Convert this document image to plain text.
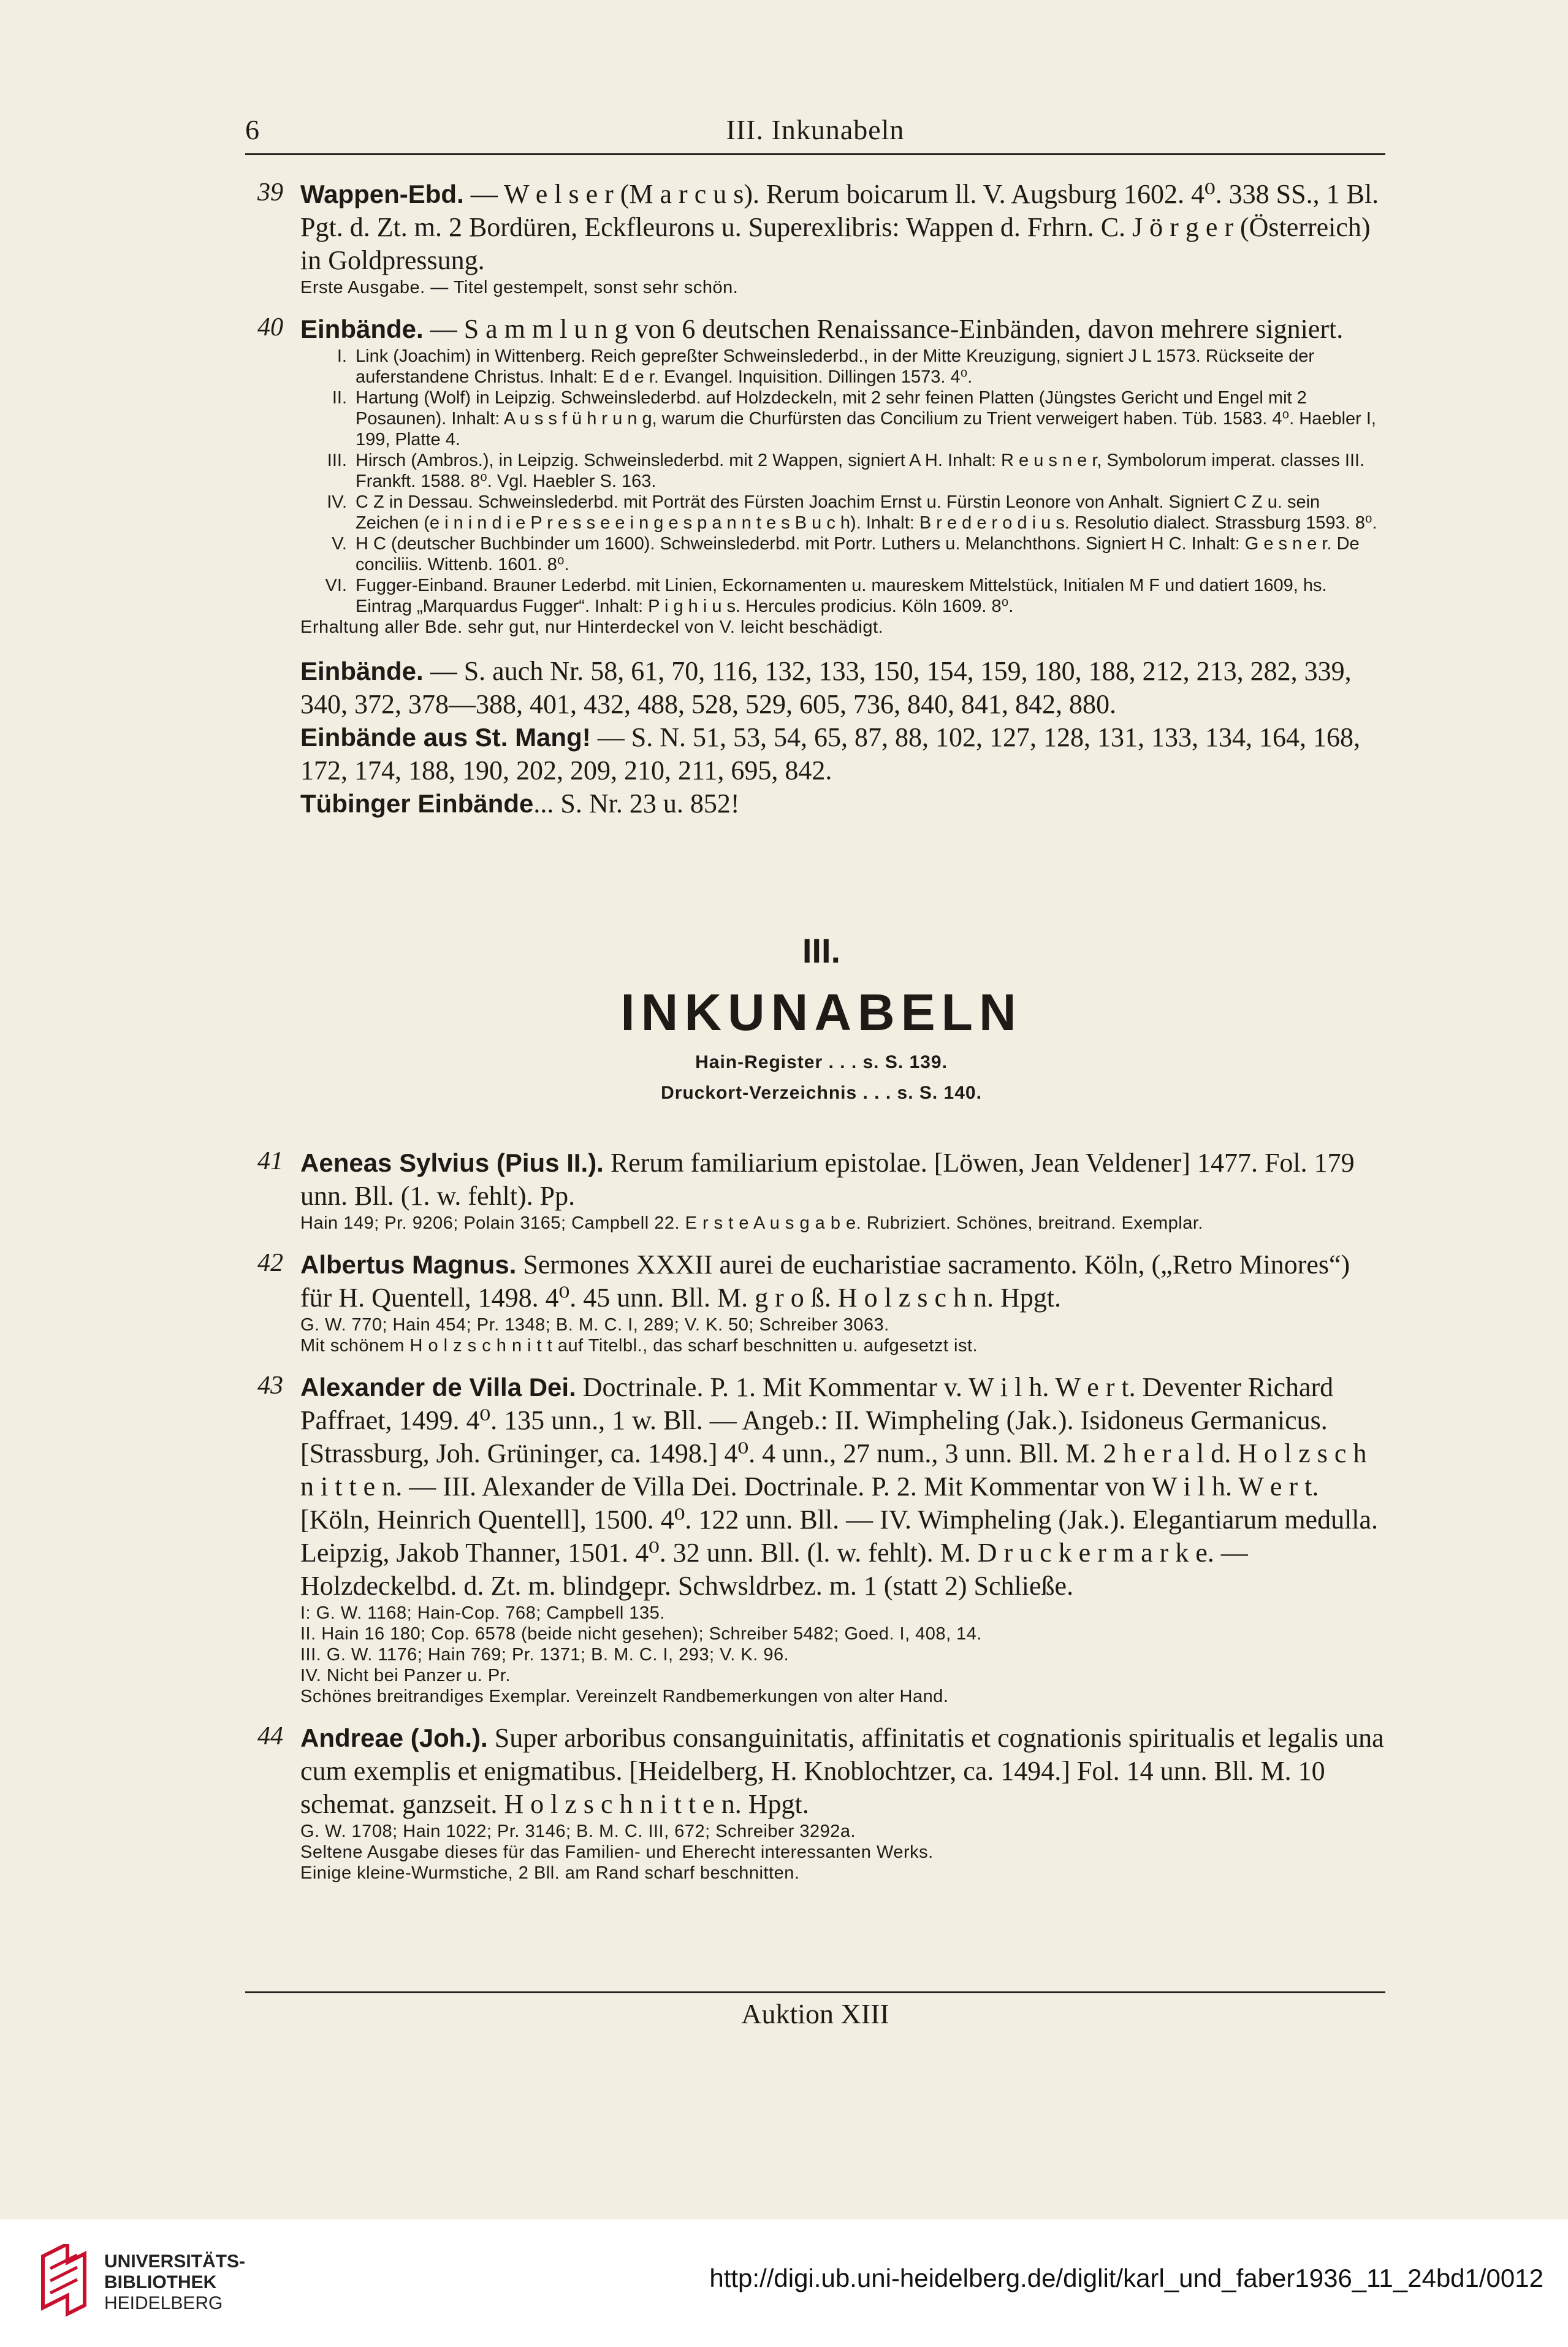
6	III. Inkunabeln
39 Wappen-Ebd. — W e l s e r (M a r c u s). Rerum boicarum ll. V. Augsburg 1602. 4⁰. 338 SS., 1 Bl. Pgt. d. Zt. m. 2 Bordüren, Eckfleurons u. Superexlibris: Wappen d. Frhrn. C. J ö r g e r (Österreich) in Goldpressung.
Erste Ausgabe. — Titel gestempelt, sonst sehr schön.
40 Einbände. — S a m m l u n g von 6 deutschen Renaissance-Einbänden, davon mehrere signiert.
I. Link (Joachim) in Wittenberg. Reich gepreßter Schweinslederbd., in der Mitte Kreuzigung, signiert J L 1573. Rückseite der auferstandene Christus. Inhalt: E d e r. Evangel. Inquisition. Dillingen 1573. 4⁰.
II. Hartung (Wolf) in Leipzig. Schweinslederbd. auf Holzdeckeln, mit 2 sehr feinen Platten (Jüngstes Gericht und Engel mit 2 Posaunen). Inhalt: A u s s f ü h r u n g, warum die Churfürsten das Concilium zu Trient verweigert haben. Tüb. 1583. 4⁰. Haebler I, 199, Platte 4.
III. Hirsch (Ambros.), in Leipzig. Schweinslederbd. mit 2 Wappen, signiert A H. Inhalt: R e u s n e r, Symbolorum imperat. classes III. Frankft. 1588. 8⁰. Vgl. Haebler S. 163.
IV. C Z in Dessau. Schweinslederbd. mit Porträt des Fürsten Joachim Ernst u. Fürstin Leonore von Anhalt. Signiert C Z u. sein Zeichen (e i n i n d i e P r e s s e e i n g e s p a n n t e s B u c h). Inhalt: B r e d e r o d i u s. Resolutio dialect. Strassburg 1593. 8⁰.
V. H C (deutscher Buchbinder um 1600). Schweinslederbd. mit Portr. Luthers u. Melanchthons. Signiert H C. Inhalt: G e s n e r. De conciliis. Wittenb. 1601. 8⁰.
VI. Fugger-Einband. Brauner Lederbd. mit Linien, Eckornamenten u. maureskem Mittelstück, Initialen M F und datiert 1609, hs. Eintrag „Marquardus Fugger“. Inhalt: P i g h i u s. Hercules prodicius. Köln 1609. 8⁰.
Erhaltung aller Bde. sehr gut, nur Hinterdeckel von V. leicht beschädigt.
Einbände. — S. auch Nr. 58, 61, 70, 116, 132, 133, 150, 154, 159, 180, 188, 212, 213, 282, 339, 340, 372, 378—388, 401, 432, 488, 528, 529, 605, 736, 840, 841, 842, 880.
Einbände aus St. Mang! — S. N. 51, 53, 54, 65, 87, 88, 102, 127, 128, 131, 133, 134, 164, 168, 172, 174, 188, 190, 202, 209, 210, 211, 695, 842.
Tübinger Einbände... S. Nr. 23 u. 852!
III.
INKUNABELN
Hain-Register . . . s. S. 139.
Druckort-Verzeichnis . . . s. S. 140.
41 Aeneas Sylvius (Pius II.). Rerum familiarium epistolae. [Löwen, Jean Veldener] 1477. Fol. 179 unn. Bll. (1. w. fehlt). Pp.
Hain 149; Pr. 9206; Polain 3165; Campbell 22. E r s t e A u s g a b e. Rubriziert. Schönes, breitrand. Exemplar.
42 Albertus Magnus. Sermones XXXII aurei de eucharistiae sacramento. Köln, („Retro Minores“) für H. Quentell, 1498. 4⁰. 45 unn. Bll. M. g r o ß. H o l z s c h n. Hpgt.
G. W. 770; Hain 454; Pr. 1348; B. M. C. I, 289; V. K. 50; Schreiber 3063.
Mit schönem H o l z s c h n i t t auf Titelbl., das scharf beschnitten u. aufgesetzt ist.
43 Alexander de Villa Dei. Doctrinale. P. 1. Mit Kommentar v. W i l h. W e r t. Deventer Richard Paffraet, 1499. 4⁰. 135 unn., 1 w. Bll. — Angeb.: II. Wimpheling (Jak.). Isidoneus Germanicus. [Strassburg, Joh. Grüninger, ca. 1498.] 4⁰. 4 unn., 27 num., 3 unn. Bll. M. 2 h e r a l d. H o l z s c h n i t t e n. — III. Alexander de Villa Dei. Doctrinale. P. 2. Mit Kommentar von W i l h. W e r t. [Köln, Heinrich Quentell], 1500. 4⁰. 122 unn. Bll. — IV. Wimpheling (Jak.). Elegantiarum medulla. Leipzig, Jakob Thanner, 1501. 4⁰. 32 unn. Bll. (l. w. fehlt). M. D r u c k e r m a r k e. — Holzdeckelbd. d. Zt. m. blindgepr. Schwsldrbez. m. 1 (statt 2) Schließe.
I: G. W. 1168; Hain-Cop. 768; Campbell 135.
II. Hain 16 180; Cop. 6578 (beide nicht gesehen); Schreiber 5482; Goed. I, 408, 14.
III. G. W. 1176; Hain 769; Pr. 1371; B. M. C. I, 293; V. K. 96.
IV. Nicht bei Panzer u. Pr.
Schönes breitrandiges Exemplar. Vereinzelt Randbemerkungen von alter Hand.
44 Andreae (Joh.). Super arboribus consanguinitatis, affinitatis et cognationis spiritualis et legalis una cum exemplis et enigmatibus. [Heidelberg, H. Knoblochtzer, ca. 1494.] Fol. 14 unn. Bll. M. 10 schemat. ganzseit. H o l z s c h n i t t e n. Hpgt.
G. W. 1708; Hain 1022; Pr. 3146; B. M. C. III, 672; Schreiber 3292a.
Seltene Ausgabe dieses für das Familien- und Eherecht interessanten Werks.
Einige kleine-Wurmstiche, 2 Bll. am Rand scharf beschnitten.
Auktion XIII
UNIVERSITÄTS-
BIBLIOTHEK
HEIDELBERG
http://digi.ub.uni-heidelberg.de/diglit/karl_und_faber1936_11_24bd1/0012
